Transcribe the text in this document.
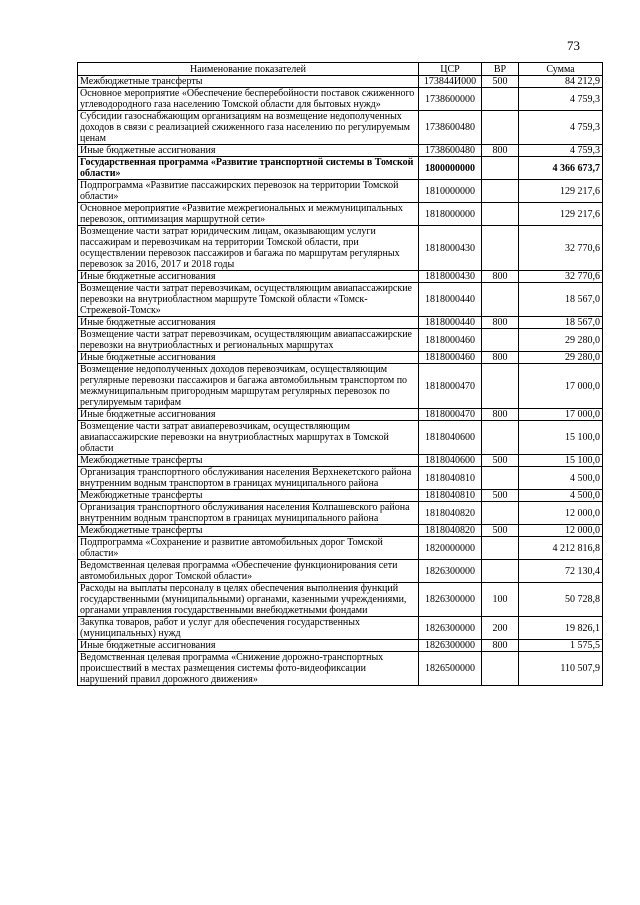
73
Наименование показателей	ЦСР	ВР	Сумма
Межбюджетные трансферты	173844И000	500	84 212,9
Основное мероприятие «Обеспечение бесперебойности поставок сжиженного углеводородного газа населению Томской области для бытовых нужд»	1738600000		4 759,3
Субсидии газоснабжающим организациям на возмещение недополученных доходов в связи с реализацией сжиженного газа населению по регулируемым ценам	1738600480		4 759,3
Иные бюджетные ассигнования	1738600480	800	4 759,3
Государственная программа «Развитие транспортной системы в Томской области»	1800000000		4 366 673,7
Подпрограмма «Развитие пассажирских перевозок на территории Томской области»	1810000000		129 217,6
Основное мероприятие «Развитие межрегиональных и межмуниципальных перевозок, оптимизация маршрутной сети»	1818000000		129 217,6
Возмещение части затрат юридическим лицам, оказывающим услуги пассажирам и перевозчикам на территории Томской области, при осуществлении перевозок пассажиров и багажа по маршрутам регулярных перевозок за 2016, 2017 и 2018 годы	1818000430		32 770,6
Иные бюджетные ассигнования	1818000430	800	32 770,6
Возмещение части затрат перевозчикам, осуществляющим авиапассажирские перевозки на внутриобластном маршруте Томской области «Томск-Стрежевой-Томск»	1818000440		18 567,0
Иные бюджетные ассигнования	1818000440	800	18 567,0
Возмещение части затрат перевозчикам, осуществляющим авиапассажирские перевозки на внутриобластных и региональных маршрутах	1818000460		29 280,0
Иные бюджетные ассигнования	1818000460	800	29 280,0
Возмещение недополученных доходов перевозчикам, осуществляющим регулярные перевозки пассажиров и багажа автомобильным транспортом по межмуниципальным пригородным маршрутам регулярных перевозок по регулируемым тарифам	1818000470		17 000,0
Иные бюджетные ассигнования	1818000470	800	17 000,0
Возмещение части затрат авиаперевозчикам, осуществляющим авиапассажирские перевозки на внутриобластных маршрутах в Томской области	1818040600		15 100,0
Межбюджетные трансферты	1818040600	500	15 100,0
Организация транспортного обслуживания населения Верхнекетского района внутренним водным транспортом в границах муниципального района	1818040810		4 500,0
Межбюджетные трансферты	1818040810	500	4 500,0
Организация транспортного обслуживания населения Колпашевского района внутренним водным транспортом в границах муниципального района	1818040820		12 000,0
Межбюджетные трансферты	1818040820	500	12 000,0
Подпрограмма «Сохранение и развитие автомобильных дорог Томской области»	1820000000		4 212 816,8
Ведомственная целевая программа «Обеспечение функционирования сети автомобильных дорог Томской области»	1826300000		72 130,4
Расходы на выплаты персоналу в целях обеспечения выполнения функций государственными (муниципальными) органами, казенными учреждениями, органами управления государственными внебюджетными фондами	1826300000	100	50 728,8
Закупка товаров, работ и услуг для обеспечения государственных (муниципальных) нужд	1826300000	200	19 826,1
Иные бюджетные ассигнования	1826300000	800	1 575,5
Ведомственная целевая программа «Снижение дорожно-транспортных происшествий в местах размещения системы фото-видеофиксации нарушений правил дорожного движения»	1826500000		110 507,9
